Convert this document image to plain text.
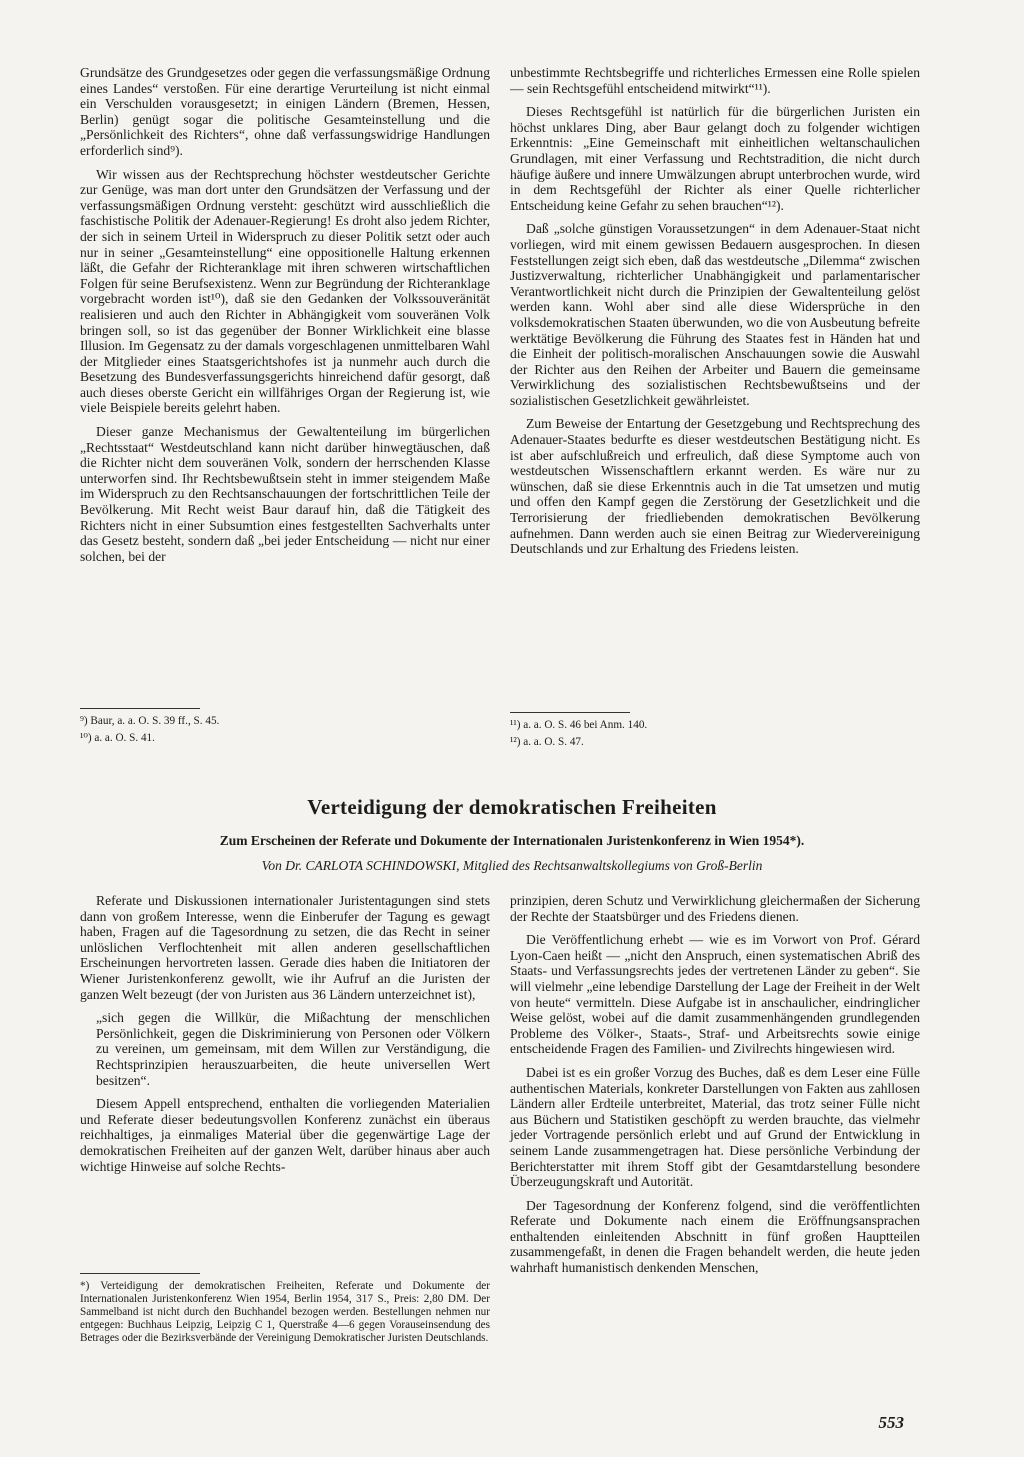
Grundsätze des Grundgesetzes oder gegen die verfassungsmäßige Ordnung eines Landes“ verstoßen. Für eine derartige Verurteilung ist nicht einmal ein Verschulden vorausgesetzt; in einigen Ländern (Bremen, Hessen, Berlin) genügt sogar die politische Gesamteinstellung und die „Persönlichkeit des Richters“, ohne daß verfassungswidrige Handlungen erforderlich sind⁹).

Wir wissen aus der Rechtsprechung höchster westdeutscher Gerichte zur Genüge, was man dort unter den Grundsätzen der Verfassung und der verfassungsmäßigen Ordnung versteht: geschützt wird ausschließlich die faschistische Politik der Adenauer-Regierung! Es droht also jedem Richter, der sich in seinem Urteil in Widerspruch zu dieser Politik setzt oder auch nur in seiner „Gesamteinstellung“ eine oppositionelle Haltung erkennen läßt, die Gefahr der Richteranklage mit ihren schweren wirtschaftlichen Folgen für seine Berufsexistenz. Wenn zur Begründung der Richteranklage vorgebracht worden ist¹⁰), daß sie den Gedanken der Volkssouveränität realisieren und auch den Richter in Abhängigkeit vom souveränen Volk bringen soll, so ist das gegenüber der Bonner Wirklichkeit eine blasse Illusion. Im Gegensatz zu der damals vorgeschlagenen unmittelbaren Wahl der Mitglieder eines Staatsgerichtshofes ist ja nunmehr auch durch die Besetzung des Bundesverfassungsgerichts hinreichend dafür gesorgt, daß auch dieses oberste Gericht ein willfähriges Organ der Regierung ist, wie viele Beispiele bereits gelehrt haben.

Dieser ganze Mechanismus der Gewaltenteilung im bürgerlichen „Rechtsstaat“ Westdeutschland kann nicht darüber hinwegtäuschen, daß die Richter nicht dem souveränen Volk, sondern der herrschenden Klasse unterworfen sind. Ihr Rechtsbewußtsein steht in immer steigendem Maße im Widerspruch zu den Rechtsanschauungen der fortschrittlichen Teile der Bevölkerung. Mit Recht weist Baur darauf hin, daß die Tätigkeit des Richters nicht in einer Subsumtion eines festgestellten Sachverhalts unter das Gesetz besteht, sondern daß „bei jeder Entscheidung — nicht nur einer solchen, bei der

⁹) Baur, a. a. O. S. 39 ff., S. 45.
¹⁰) a. a. O. S. 41.

unbestimmte Rechtsbegriffe und richterliches Ermessen eine Rolle spielen — sein Rechtsgefühl entscheidend mitwirkt“¹¹).

Dieses Rechtsgefühl ist natürlich für die bürgerlichen Juristen ein höchst unklares Ding, aber Baur gelangt doch zu folgender wichtigen Erkenntnis: „Eine Gemeinschaft mit einheitlichen weltanschaulichen Grundlagen, mit einer Verfassung und Rechtstradition, die nicht durch häufige äußere und innere Umwälzungen abrupt unterbrochen wurde, wird in dem Rechtsgefühl der Richter als einer Quelle richterlicher Entscheidung keine Gefahr zu sehen brauchen“¹²).

Daß „solche günstigen Voraussetzungen“ in dem Adenauer-Staat nicht vorliegen, wird mit einem gewissen Bedauern ausgesprochen. In diesen Feststellungen zeigt sich eben, daß das westdeutsche „Dilemma“ zwischen Justizverwaltung, richterlicher Unabhängigkeit und parlamentarischer Verantwortlichkeit nicht durch die Prinzipien der Gewaltenteilung gelöst werden kann. Wohl aber sind alle diese Widersprüche in den volksdemokratischen Staaten überwunden, wo die von Ausbeutung befreite werktätige Bevölkerung die Führung des Staates fest in Händen hat und die Einheit der politisch-moralischen Anschauungen sowie die Auswahl der Richter aus den Reihen der Arbeiter und Bauern die gemeinsame Verwirklichung des sozialistischen Rechtsbewußtseins und der sozialistischen Gesetzlichkeit gewährleistet.

Zum Beweise der Entartung der Gesetzgebung und Rechtsprechung des Adenauer-Staates bedurfte es dieser westdeutschen Bestätigung nicht. Es ist aber aufschlußreich und erfreulich, daß diese Symptome auch von westdeutschen Wissenschaftlern erkannt werden. Es wäre nur zu wünschen, daß sie diese Erkenntnis auch in die Tat umsetzen und mutig und offen den Kampf gegen die Zerstörung der Gesetzlichkeit und die Terrorisierung der friedliebenden demokratischen Bevölkerung aufnehmen. Dann werden auch sie einen Beitrag zur Wiedervereinigung Deutschlands und zur Erhaltung des Friedens leisten.

¹¹) a. a. O. S. 46 bei Anm. 140.
¹²) a. a. O. S. 47.
Verteidigung der demokratischen Freiheiten
Zum Erscheinen der Referate und Dokumente der Internationalen Juristenkonferenz in Wien 1954*).
Von Dr. CARLOTA SCHINDOWSKI, Mitglied des Rechtsanwaltskollegiums von Groß-Berlin

Referate und Diskussionen internationaler Juristentagungen sind stets dann von großem Interesse, wenn die Einberufer der Tagung es gewagt haben, Fragen auf die Tagesordnung zu setzen, die das Recht in seiner unlöslichen Verflochtenheit mit allen anderen gesellschaftlichen Erscheinungen hervortreten lassen. Gerade dies haben die Initiatoren der Wiener Juristenkonferenz gewollt, wie ihr Aufruf an die Juristen der ganzen Welt bezeugt (der von Juristen aus 36 Ländern unterzeichnet ist),

„sich gegen die Willkür, die Mißachtung der menschlichen Persönlichkeit, gegen die Diskriminierung von Personen oder Völkern zu vereinen, um gemeinsam, mit dem Willen zur Verständigung, die Rechtsprinzipien herauszuarbeiten, die heute universellen Wert besitzen“.

Diesem Appell entsprechend, enthalten die vorliegenden Materialien und Referate dieser bedeutungsvollen Konferenz zunächst ein überaus reichhaltiges, ja einmaliges Material über die gegenwärtige Lage der demokratischen Freiheiten auf der ganzen Welt, darüber hinaus aber auch wichtige Hinweise auf solche Rechts-

*) Verteidigung der demokratischen Freiheiten, Referate und Dokumente der Internationalen Juristenkonferenz Wien 1954, Berlin 1954, 317 S., Preis: 2,80 DM. Der Sammelband ist nicht durch den Buchhandel bezogen werden. Bestellungen nehmen nur entgegen: Buchhaus Leipzig, Leipzig C 1, Querstraße 4—6 gegen Vorauseinsendung des Betrages oder die Bezirksverbände der Vereinigung Demokratischer Juristen Deutschlands.

prinzipien, deren Schutz und Verwirklichung gleichermaßen der Sicherung der Rechte der Staatsbürger und des Friedens dienen.

Die Veröffentlichung erhebt — wie es im Vorwort von Prof. Gérard Lyon-Caen heißt — „nicht den Anspruch, einen systematischen Abriß des Staats- und Verfassungsrechts jedes der vertretenen Länder zu geben“. Sie will vielmehr „eine lebendige Darstellung der Lage der Freiheit in der Welt von heute“ vermitteln. Diese Aufgabe ist in anschaulicher, eindringlicher Weise gelöst, wobei auf die damit zusammenhängenden grundlegenden Probleme des Völker-, Staats-, Straf- und Arbeitsrechts sowie einige entscheidende Fragen des Familien- und Zivilrechts hingewiesen wird.

Dabei ist es ein großer Vorzug des Buches, daß es dem Leser eine Fülle authentischen Materials, konkreter Darstellungen von Fakten aus zahllosen Ländern aller Erdteile unterbreitet, Material, das trotz seiner Fülle nicht aus Büchern und Statistiken geschöpft zu werden brauchte, das vielmehr jeder Vortragende persönlich erlebt und auf Grund der Entwicklung in seinem Lande zusammengetragen hat. Diese persönliche Verbindung der Berichterstatter mit ihrem Stoff gibt der Gesamtdarstellung besondere Überzeugungskraft und Autorität.

Der Tagesordnung der Konferenz folgend, sind die veröffentlichten Referate und Dokumente nach einem die Eröffnungsansprachen enthaltenden einleitenden Abschnitt in fünf großen Hauptteilen zusammengefaßt, in denen die Fragen behandelt werden, die heute jeden wahrhaft humanistisch denkenden Menschen,

553
